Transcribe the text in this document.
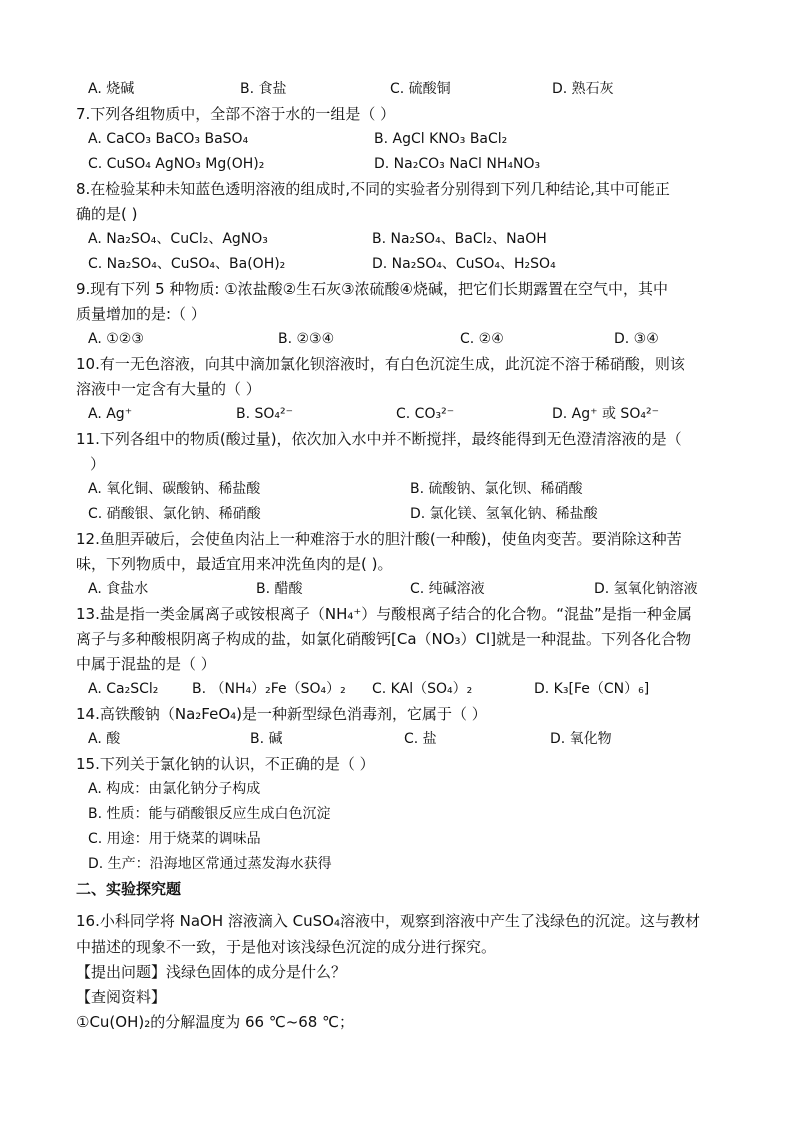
A. 烧碱	B. 食盐	C. 硫酸铜	D. 熟石灰
7.下列各组物质中，全部不溶于水的一组是（ ）
A. CaCO₃ BaCO₃ BaSO₄	B. AgCl KNO₃ BaCl₂
C. CuSO₄ AgNO₃ Mg(OH)₂	D. Na₂CO₃ NaCl NH₄NO₃
8.在检验某种未知蓝色透明溶液的组成时,不同的实验者分别得到下列几种结论,其中可能正
确的是( )
A. Na₂SO₄、CuCl₂、AgNO₃	B. Na₂SO₄、BaCl₂、NaOH
C. Na₂SO₄、CuSO₄、Ba(OH)₂	D. Na₂SO₄、CuSO₄、H₂SO₄
9.现有下列 5 种物质: ①浓盐酸②生石灰③浓硫酸④烧碱，把它们长期露置在空气中，其中
质量增加的是:（ ）
A. ①②③	B. ②③④	C. ②④	D. ③④
10.有一无色溶液，向其中滴加氯化钡溶液时，有白色沉淀生成，此沉淀不溶于稀硝酸，则该
溶液中一定含有大量的（ ）
A. Ag⁺	B. SO₄²⁻	C. CO₃²⁻	D. Ag⁺ 或 SO₄²⁻
11.下列各组中的物质(酸过量)，依次加入水中并不断搅拌，最终能得到无色澄清溶液的是（
）
A. 氧化铜、碳酸钠、稀盐酸	B. 硫酸钠、氯化钡、稀硝酸
C. 硝酸银、氯化钠、稀硝酸	D. 氯化镁、氢氧化钠、稀盐酸
12.鱼胆弄破后，会使鱼肉沾上一种难溶于水的胆汁酸(一种酸)，使鱼肉变苦。要消除这种苦
味，下列物质中，最适宜用来冲洗鱼肉的是( )。
A. 食盐水	B. 醋酸	C. 纯碱溶液	D. 氢氧化钠溶液
13.盐是指一类金属离子或铵根离子（NH₄⁺）与酸根离子结合的化合物。“混盐”是指一种金属
离子与多种酸根阴离子构成的盐，如氯化硝酸钙[Ca（NO₃）Cl]就是一种混盐。下列各化合物
中属于混盐的是（ ）
A. Ca₂SCl₂ B. （NH₄）₂Fe（SO₄）₂ C. KAl（SO₄）₂	D. K₃[Fe（CN）₆]
14.高铁酸钠（Na₂FeO₄)是一种新型绿色消毒剂，它属于（ ）
A. 酸	B. 碱	C. 盐	D. 氧化物
15.下列关于氯化钠的认识，不正确的是（ ）
A. 构成：由氯化钠分子构成
B. 性质：能与硝酸银反应生成白色沉淀
C. 用途：用于烧菜的调味品
D. 生产：沿海地区常通过蒸发海水获得
二、实验探究题
16.小科同学将 NaOH 溶液滴入 CuSO₄溶液中，观察到溶液中产生了浅绿色的沉淀。这与教材
中描述的现象不一致，于是他对该浅绿色沉淀的成分进行探究。
【提出问题】浅绿色固体的成分是什么？
【查阅资料】
①Cu(OH)₂的分解温度为 66 ℃~68 ℃；
